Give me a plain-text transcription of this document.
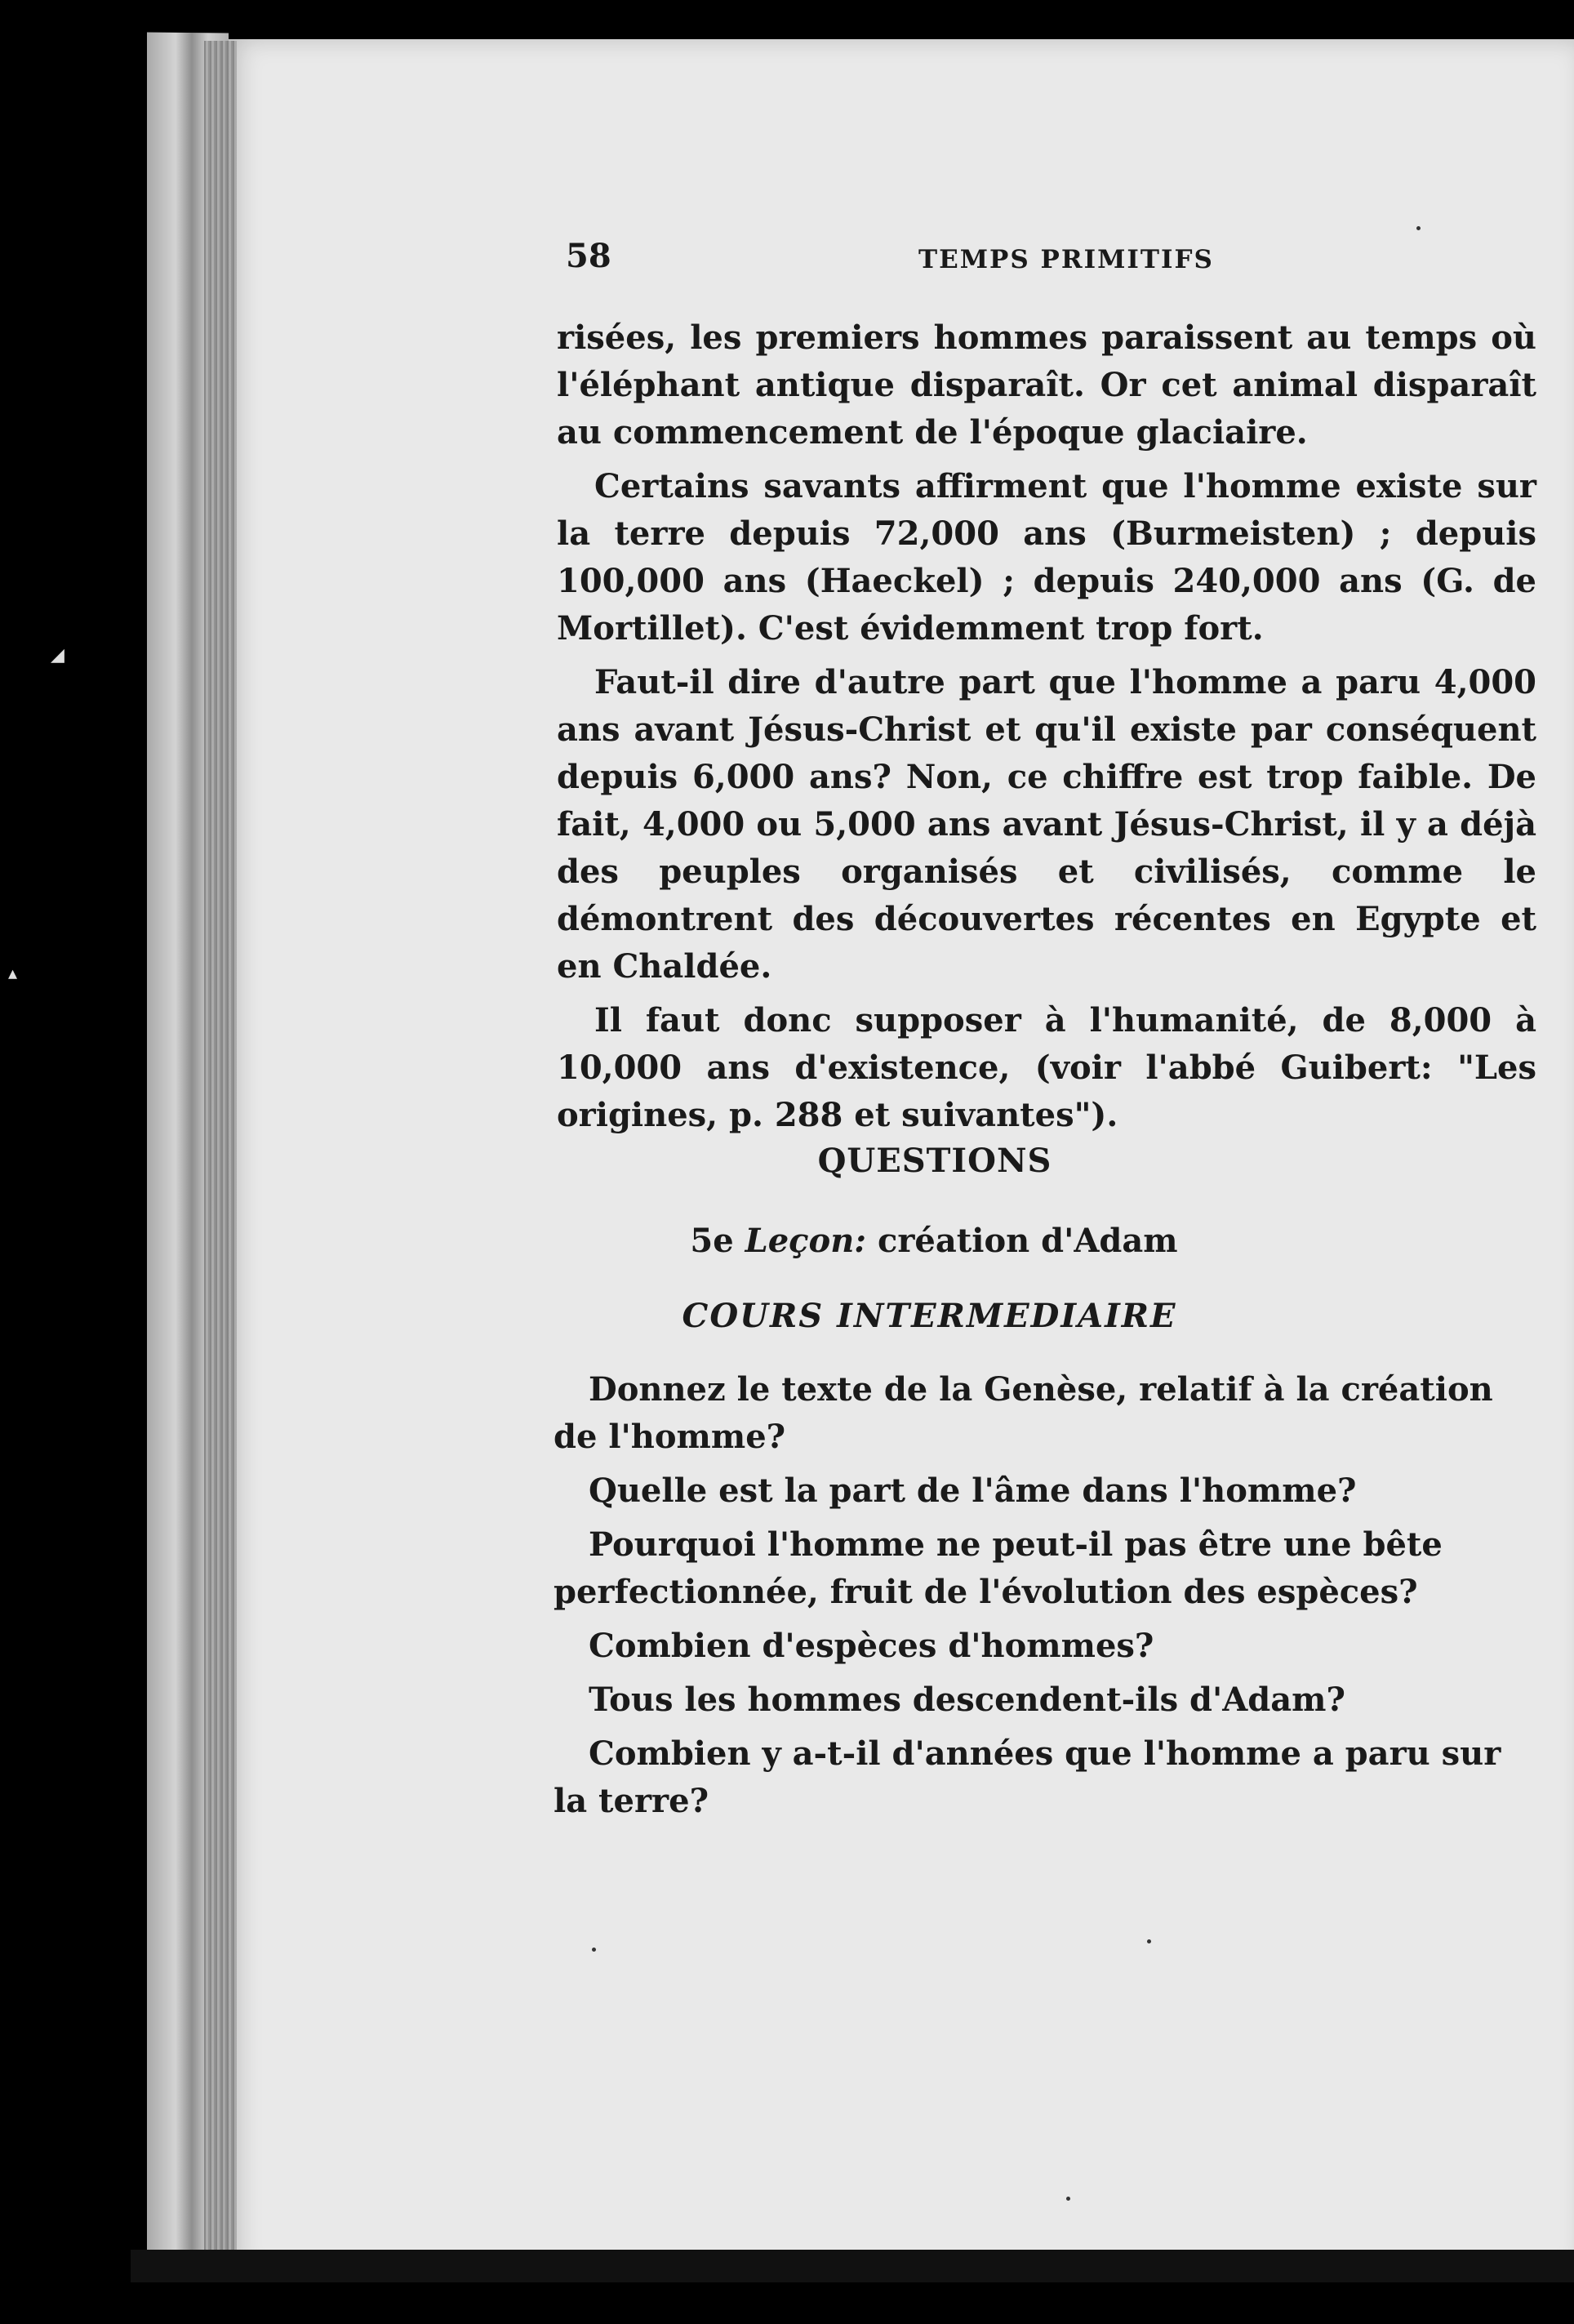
◢
▴
58	TEMPS PRIMITIFS

risées, les premiers hommes paraissent au temps où l'éléphant antique disparaît. Or cet animal disparaît au commencement de l'époque glaciaire.

Certains savants affirment que l'homme existe sur la terre depuis 72,000 ans (Burmeisten) ; depuis 100,000 ans (Haeckel) ; depuis 240,000 ans (G. de Mortillet). C'est évidemment trop fort.

Faut-il dire d'autre part que l'homme a paru 4,000 ans avant Jésus-Christ et qu'il existe par conséquent depuis 6,000 ans? Non, ce chiffre est trop faible. De fait, 4,000 ou 5,000 ans avant Jésus-Christ, il y a déjà des peuples organisés et civilisés, comme le démontrent des découvertes récentes en Egypte et en Chaldée.

Il faut donc supposer à l'humanité, de 8,000 à 10,000 ans d'existence, (voir l'abbé Guibert: "Les origines, p. 288 et suivantes").

QUESTIONS
5e Leçon: création d'Adam
COURS INTERMEDIAIRE

Donnez le texte de la Genèse, relatif à la création de l'homme?

Quelle est la part de l'âme dans l'homme?

Pourquoi l'homme ne peut-il pas être une bête perfectionnée, fruit de l'évolution des espèces?

Combien d'espèces d'hommes?

Tous les hommes descendent-ils d'Adam?

Combien y a-t-il d'années que l'homme a paru sur la terre?
